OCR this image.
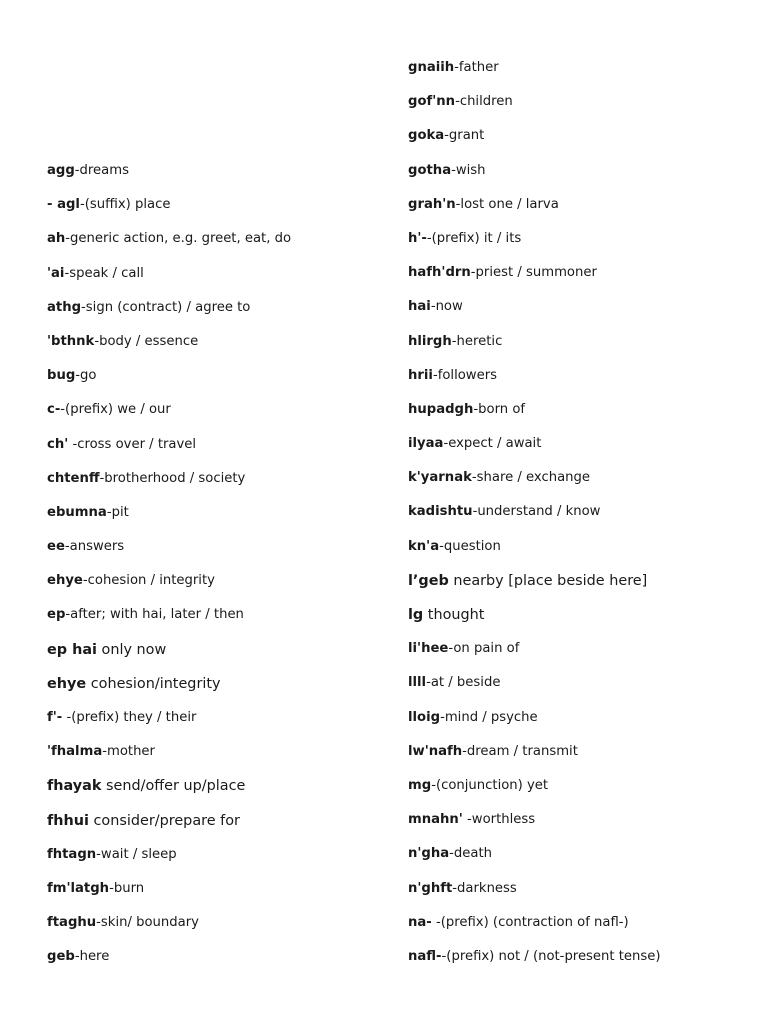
agg-dreams
- agl-(suffix) place
ah-generic action, e.g. greet, eat, do
'ai-speak / call
athg-sign (contract) / agree to
'bthnk-body / essence
bug-go
c--(prefix) we / our
ch' -cross over / travel
chtenff-brotherhood / society
ebumna-pit
ee-answers
ehye-cohesion / integrity
ep-after; with hai, later / then
ep hai only now
ehye cohesion/integrity
f'- -(prefix) they / their
'fhalma-mother
fhayak send/offer up/place
fhhui consider/prepare for
fhtagn-wait / sleep
fm'latgh-burn
ftaghu-skin/ boundary
geb-here
gnaiih-father
gof'nn-children
goka-grant
gotha-wish
grah'n-lost one / larva
h'--(prefix) it / its
hafh'drn-priest / summoner
hai-now
hlirgh-heretic
hrii-followers
hupadgh-born of
ilyaa-expect / await
k'yarnak-share / exchange
kadishtu-understand / know
kn'a-question
l’geb nearby [place beside here]
lg thought
li'hee-on pain of
llll-at / beside
lloig-mind / psyche
lw'nafh-dream / transmit
mg-(conjunction) yet
mnahn' -worthless
n'gha-death
n'ghft-darkness
na- -(prefix) (contraction of nafl-)
nafl--(prefix) not / (not-present tense)
